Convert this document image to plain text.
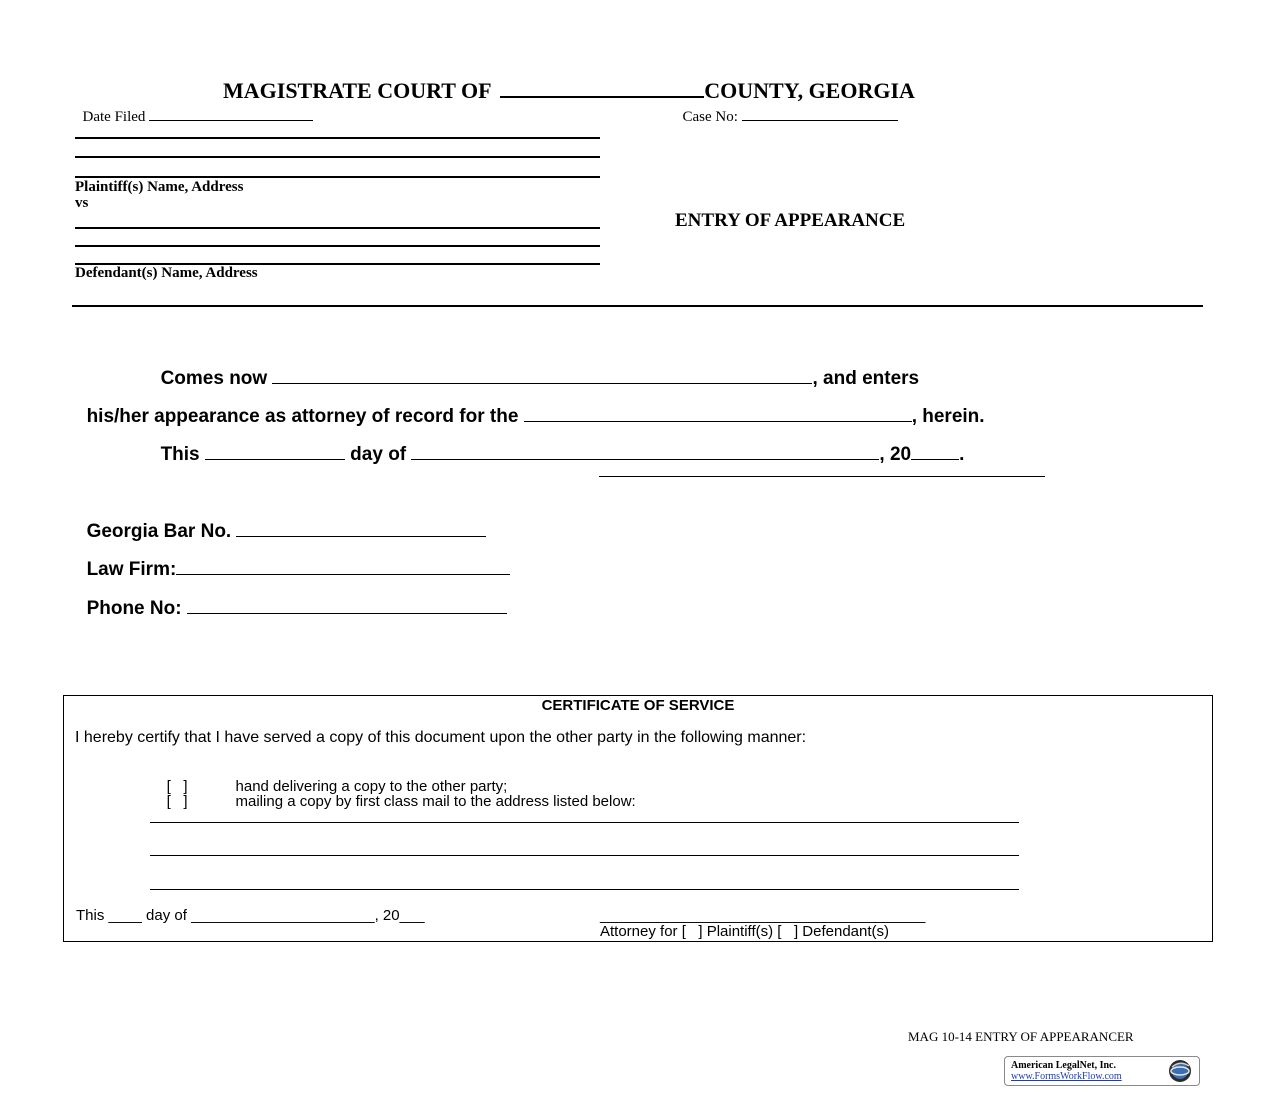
MAGISTRATE COURT OF	COUNTY, GEORGIA

Date Filed	Case No:

Plaintiff(s) Name, Address
vs
Defendant(s) Name, Address
ENTRY OF APPEARANCE

Comes now	, and enters

his/her appearance as attorney of record for the	, herein.

This	day of	, 20	.

Georgia Bar No.

Law Firm:

Phone No:

CERTIFICATE OF SERVICE
I hereby certify that I have served a copy of this document upon the other party in the following manner:

[   ]	hand delivering a copy to the other party;

[   ]	mailing a copy by first class mail to the address listed below:

This ____ day of ______________________, 20___	_______________________________________
Attorney for [   ] Plaintiff(s) [   ] Defendant(s)
MAG 10-14 ENTRY OF APPEARANCER
American LegalNet, Inc.
www.FormsWorkFlow.com
